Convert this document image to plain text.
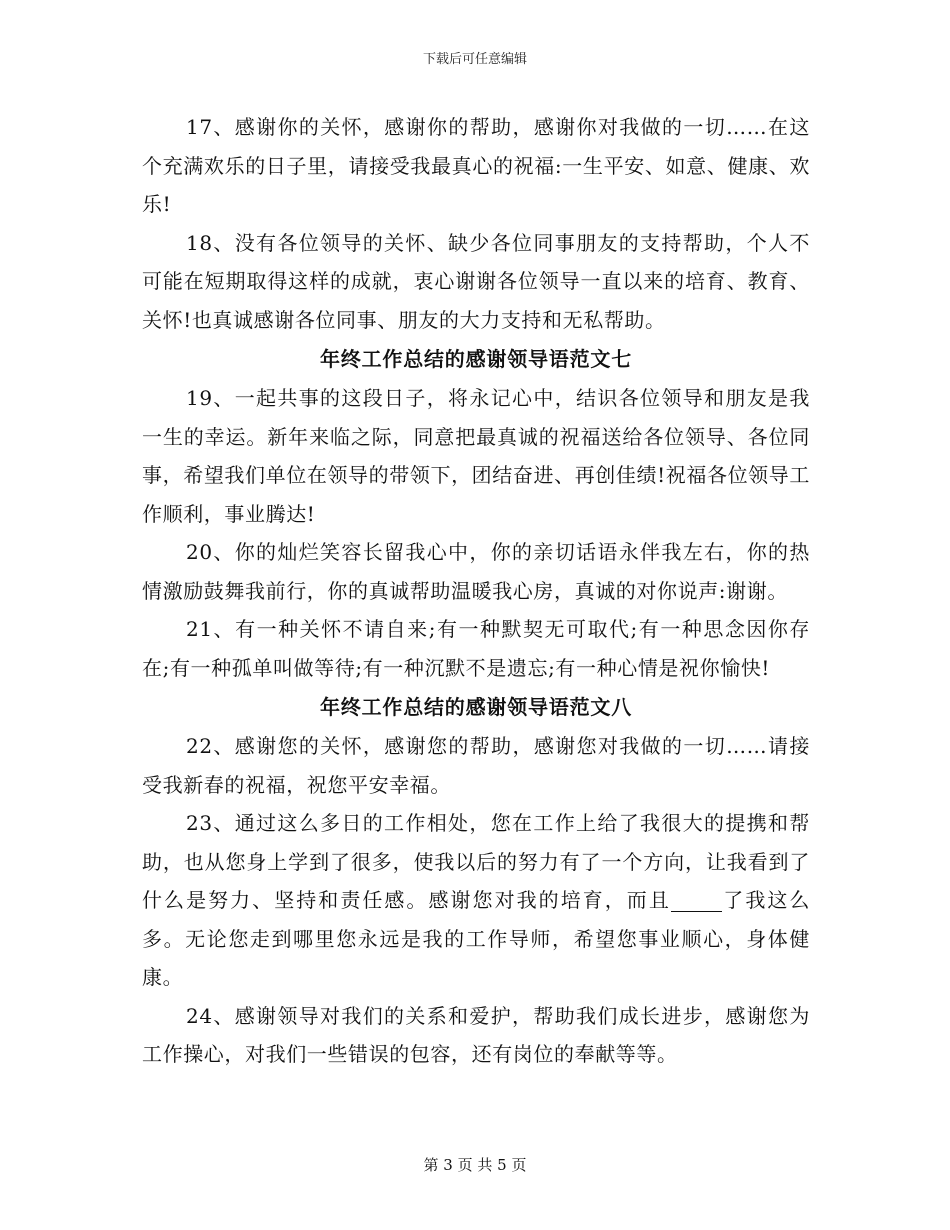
下载后可任意编辑

17、感谢你的关怀，感谢你的帮助，感谢你对我做的一切……在这个充满欢乐的日子里，请接受我最真心的祝福:一生平安、如意、健康、欢乐!

18、没有各位领导的关怀、缺少各位同事朋友的支持帮助，个人不可能在短期取得这样的成就，衷心谢谢各位领导一直以来的培育、教育、关怀!也真诚感谢各位同事、朋友的大力支持和无私帮助。

年终工作总结的感谢领导语范文七

19、一起共事的这段日子，将永记心中，结识各位领导和朋友是我一生的幸运。新年来临之际，同意把最真诚的祝福送给各位领导、各位同事，希望我们单位在领导的带领下，团结奋进、再创佳绩!祝福各位领导工作顺利，事业腾达!

20、你的灿烂笑容长留我心中，你的亲切话语永伴我左右，你的热情激励鼓舞我前行，你的真诚帮助温暖我心房，真诚的对你说声:谢谢。

21、有一种关怀不请自来;有一种默契无可取代;有一种思念因你存在;有一种孤单叫做等待;有一种沉默不是遗忘;有一种心情是祝你愉快!

年终工作总结的感谢领导语范文八

22、感谢您的关怀，感谢您的帮助，感谢您对我做的一切……请接受我新春的祝福，祝您平安幸福。

23、通过这么多日的工作相处，您在工作上给了我很大的提携和帮助，也从您身上学到了很多，使我以后的努力有了一个方向，让我看到了什么是努力、坚持和责任感。感谢您对我的培育，而且	了我这么多。无论您走到哪里您永远是我的工作导师，希望您事业顺心，身体健康。

24、感谢领导对我们的关系和爱护，帮助我们成长进步，感谢您为工作操心，对我们一些错误的包容，还有岗位的奉献等等。

第 3 页 共 5 页
